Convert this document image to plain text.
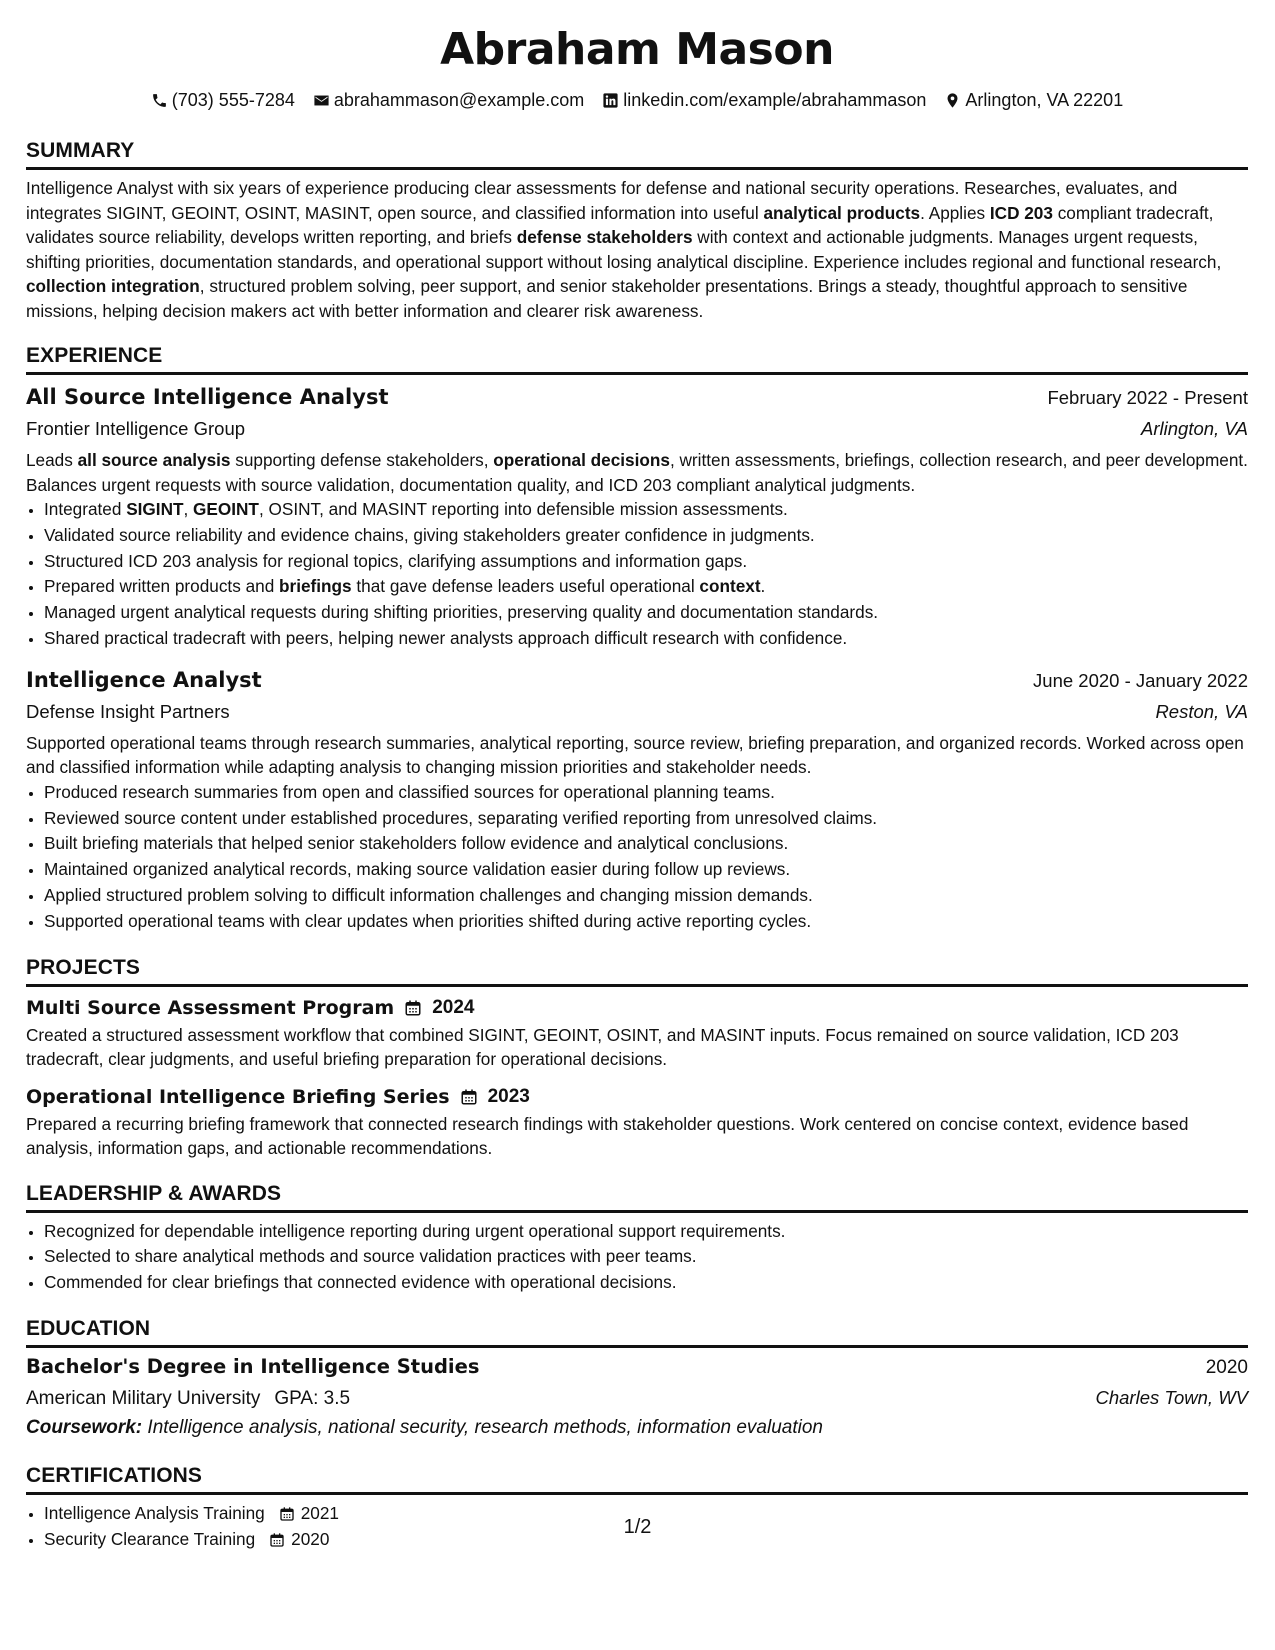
Abraham Mason
(703) 555-7284 abrahammason@example.com linkedin.com/example/abrahammason Arlington, VA 22201
SUMMARY

Intelligence Analyst with six years of experience producing clear assessments for defense and national security operations. Researches, evaluates, and integrates SIGINT, GEOINT, OSINT, MASINT, open source, and classified information into useful analytical products. Applies ICD 203 compliant tradecraft, validates source reliability, develops written reporting, and briefs defense stakeholders with context and actionable judgments. Manages urgent requests, shifting priorities, documentation standards, and operational support without losing analytical discipline. Experience includes regional and functional research, collection integration, structured problem solving, peer support, and senior stakeholder presentations. Brings a steady, thoughtful approach to sensitive missions, helping decision makers act with better information and clearer risk awareness.

EXPERIENCE
All Source Intelligence Analyst	February 2022 - Present
Frontier Intelligence Group	Arlington, VA

Leads all source analysis supporting defense stakeholders, operational decisions, written assessments, briefings, collection research, and peer development. Balances urgent requests with source validation, documentation quality, and ICD 203 compliant analytical judgments.

• Integrated SIGINT, GEOINT, OSINT, and MASINT reporting into defensible mission assessments.
• Validated source reliability and evidence chains, giving stakeholders greater confidence in judgments.
• Structured ICD 203 analysis for regional topics, clarifying assumptions and information gaps.
• Prepared written products and briefings that gave defense leaders useful operational context.
• Managed urgent analytical requests during shifting priorities, preserving quality and documentation standards.
• Shared practical tradecraft with peers, helping newer analysts approach difficult research with confidence.
Intelligence Analyst	June 2020 - January 2022
Defense Insight Partners	Reston, VA

Supported operational teams through research summaries, analytical reporting, source review, briefing preparation, and organized records. Worked across open and classified information while adapting analysis to changing mission priorities and stakeholder needs.

• Produced research summaries from open and classified sources for operational planning teams.
• Reviewed source content under established procedures, separating verified reporting from unresolved claims.
• Built briefing materials that helped senior stakeholders follow evidence and analytical conclusions.
• Maintained organized analytical records, making source validation easier during follow up reviews.
• Applied structured problem solving to difficult information challenges and changing mission demands.
• Supported operational teams with clear updates when priorities shifted during active reporting cycles.
PROJECTS
Multi Source Assessment Program 2024

Created a structured assessment workflow that combined SIGINT, GEOINT, OSINT, and MASINT inputs. Focus remained on source validation, ICD 203 tradecraft, clear judgments, and useful briefing preparation for operational decisions.

Operational Intelligence Briefing Series 2023

Prepared a recurring briefing framework that connected research findings with stakeholder questions. Work centered on concise context, evidence based analysis, information gaps, and actionable recommendations.

LEADERSHIP & AWARDS
• Recognized for dependable intelligence reporting during urgent operational support requirements.
• Selected to share analytical methods and source validation practices with peer teams.
• Commended for clear briefings that connected evidence with operational decisions.
EDUCATION
Bachelor's Degree in Intelligence Studies	2020
American Military University GPA: 3.5	Charles Town, WV
Coursework: Intelligence analysis, national security, research methods, information evaluation
CERTIFICATIONS
• Intelligence Analysis Training 2021
• Security Clearance Training 2020
1/2
